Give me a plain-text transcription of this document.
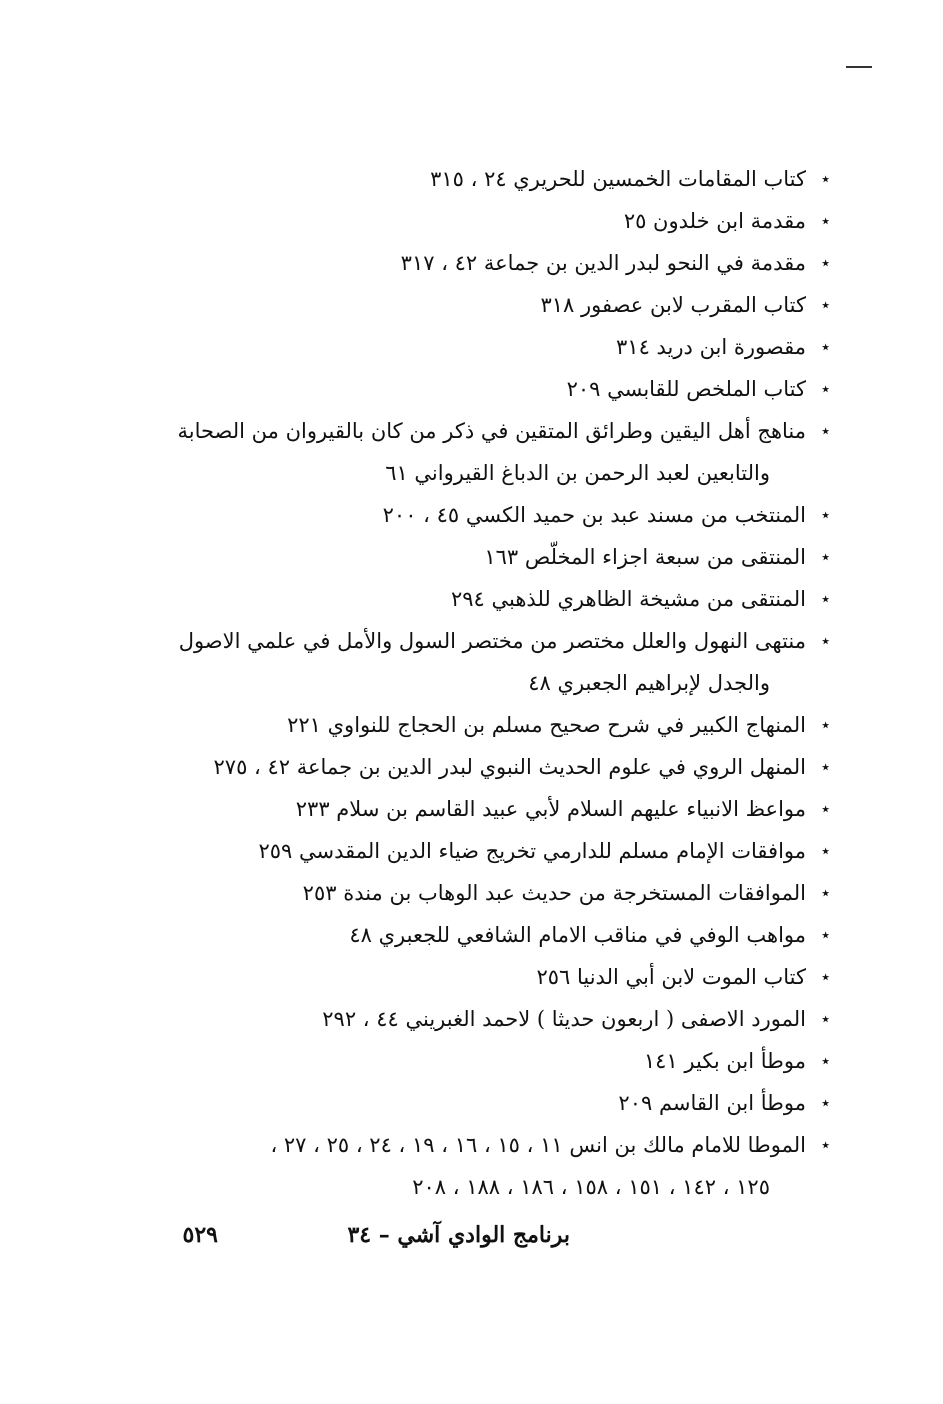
٭
كتاب المقامات الخمسين للحريري ٢٤ ، ٣١٥
٭
مقدمة ابن خلدون ٢٥
٭
مقدمة في النحو لبدر الدين بن جماعة ٤٢ ، ٣١٧
٭
كتاب المقرب لابن عصفور ٣١٨
٭
مقصورة ابن دريد ٣١٤
٭
كتاب الملخص للقابسي ٢٠٩
٭
مناهج أهل اليقين وطرائق المتقين في ذكر من كان بالقيروان من الصحابة
والتابعين لعبد الرحمن بن الدباغ القيرواني ٦١
٭
المنتخب من مسند عبد بن حميد الكسي ٤٥ ، ٢٠٠
٭
المنتقى من سبعة اجزاء المخلّص ١٦٣
٭
المنتقى من مشيخة الظاهري للذهبي ٢٩٤
٭
منتهى النهول والعلل مختصر من مختصر السول والأمل في علمي الاصول
والجدل لإبراهيم الجعبري ٤٨
٭
المنهاج الكبير في شرح صحيح مسلم بن الحجاج للنواوي ٢٢١
٭
المنهل الروي في علوم الحديث النبوي لبدر الدين بن جماعة ٤٢ ، ٢٧٥
٭
مواعظ الانبياء عليهم السلام لأبي عبيد القاسم بن سلام ٢٣٣
٭
موافقات الإمام مسلم للدارمي تخريج ضياء الدين المقدسي ٢٥٩
٭
الموافقات المستخرجة من حديث عبد الوهاب بن مندة ٢٥٣
٭
مواهب الوفي في مناقب الامام الشافعي للجعبري ٤٨
٭
كتاب الموت لابن أبي الدنيا ٢٥٦
٭
المورد الاصفى ( اربعون حديثا ) لاحمد الغبريني ٤٤ ، ٢٩٢
٭
موطأ ابن بكير ١٤١
٭
موطأ ابن القاسم ٢٠٩
٭
الموطا للامام مالك بن انس ١١ ، ١٥ ، ١٦ ، ١٩ ، ٢٤ ، ٢٥ ، ٢٧ ،
١٢٥ ، ١٤٢ ، ١٥١ ، ١٥٨ ، ١٨٦ ، ١٨٨ ، ٢٠٨
برنامج الوادي آشي – ٣٤
٥٢٩
